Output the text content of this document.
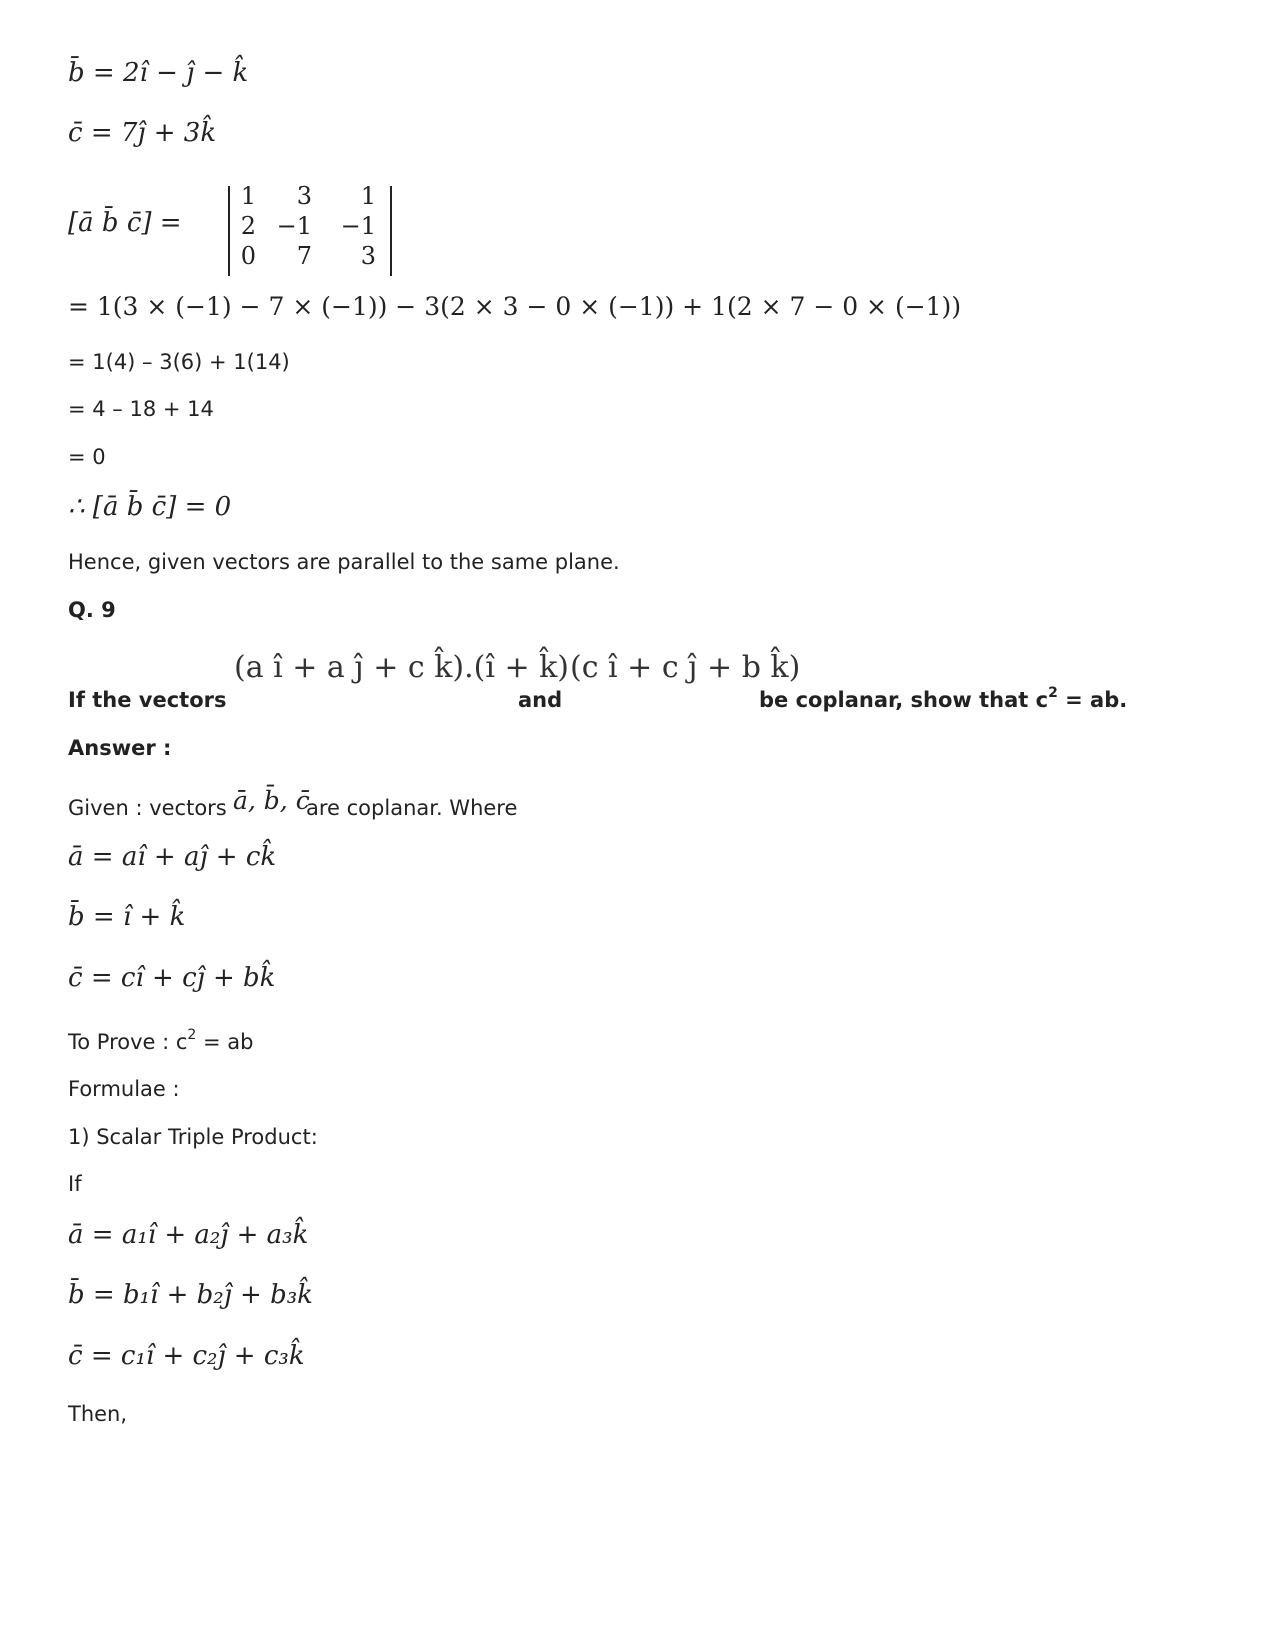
b̄ = 2î − ĵ − k̂
c̄ = 7ĵ + 3k̂
[ā b̄ c̄] =
1	3	1
2 −1	−1
0	7	3
= 1(3 × (−1) − 7 × (−1)) − 3(2 × 3 − 0 × (−1)) + 1(2 × 7 − 0 × (−1))
= 1(4) – 3(6) + 1(14)
= 4 – 18 + 14
= 0
∴ [ā b̄ c̄] = 0
Hence, given vectors are parallel to the same plane.
Q. 9
If the vectors
(a î + a ĵ + c k̂).(î + k̂)
and
(c î + c ĵ + b k̂)
be coplanar, show that $c^2$ = ab.
Answer :
Given : vectors ā, b̄, c̄
are coplanar. Where
ā = aî + aĵ + ck̂
b̄ = î + k̂
c̄ = cî + cĵ + bk̂
To Prove : $c^2$ = ab
Formulae :
1) Scalar Triple Product:
If
ā = a₁î + a₂ĵ + a₃k̂
b̄ = b₁î + b₂ĵ + b₃k̂
c̄ = c₁î + c₂ĵ + c₃k̂
Then,
